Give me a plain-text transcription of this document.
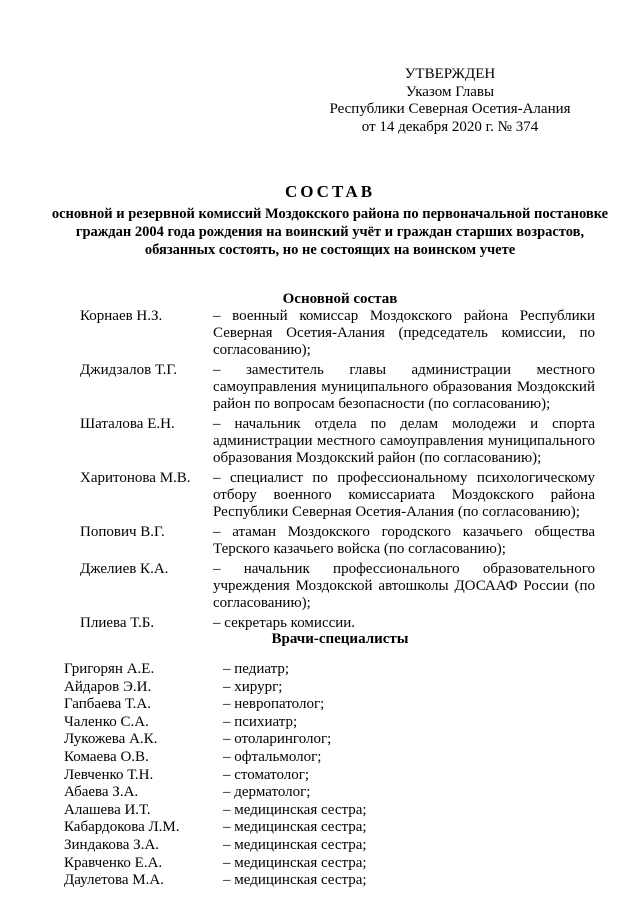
УТВЕРЖДЕН
Указом Главы
Республики Северная Осетия-Алания
от 14 декабря 2020 г. № 374
СОСТАВ
основной и резервной комиссий Моздокского района по первоначальной постановке граждан 2004 года рождения на воинский учёт и граждан старших возрастов, обязанных состоять, но не состоящих на воинском учете
Основной состав
Корнаев Н.З.	– военный комиссар Моздокского района Республики Северная Осетия-Алания (председатель комиссии, по согласованию);
Джидзалов Т.Г.	– заместитель главы администрации местного самоуправления муниципального образования Моздокский район по вопросам безопасности (по согласованию);
Шаталова Е.Н.	– начальник отдела по делам молодежи и спорта администрации местного самоуправления муниципального образования Моздокский район (по согласованию);
Харитонова М.В.	– специалист по профессиональному психологическому отбору военного комиссариата Моздокского района Республики Северная Осетия-Алания (по согласованию);
Попович В.Г.	– атаман Моздокского городского казачьего общества Терского казачьего войска (по согласованию);
Джелиев К.А.	– начальник профессионального образовательного учреждения Моздокской автошколы ДОСААФ России (по согласованию);
Плиева Т.Б.	– секретарь комиссии.
Врачи-специалисты
Григорян А.Е.	– педиатр;
Айдаров Э.И.	– хирург;
Гапбаева Т.А.	– невропатолог;
Чаленко С.А.	– психиатр;
Лукожева А.К.	– отоларинголог;
Комаева О.В.	– офтальмолог;
Левченко Т.Н.	– стоматолог;
Абаева З.А.	– дерматолог;
Алашева И.Т.	– медицинская сестра;
Кабардокова Л.М.	– медицинская сестра;
Зиндакова З.А.	– медицинская сестра;
Кравченко Е.А.	– медицинская сестра;
Даулетова М.А.	– медицинская сестра;
